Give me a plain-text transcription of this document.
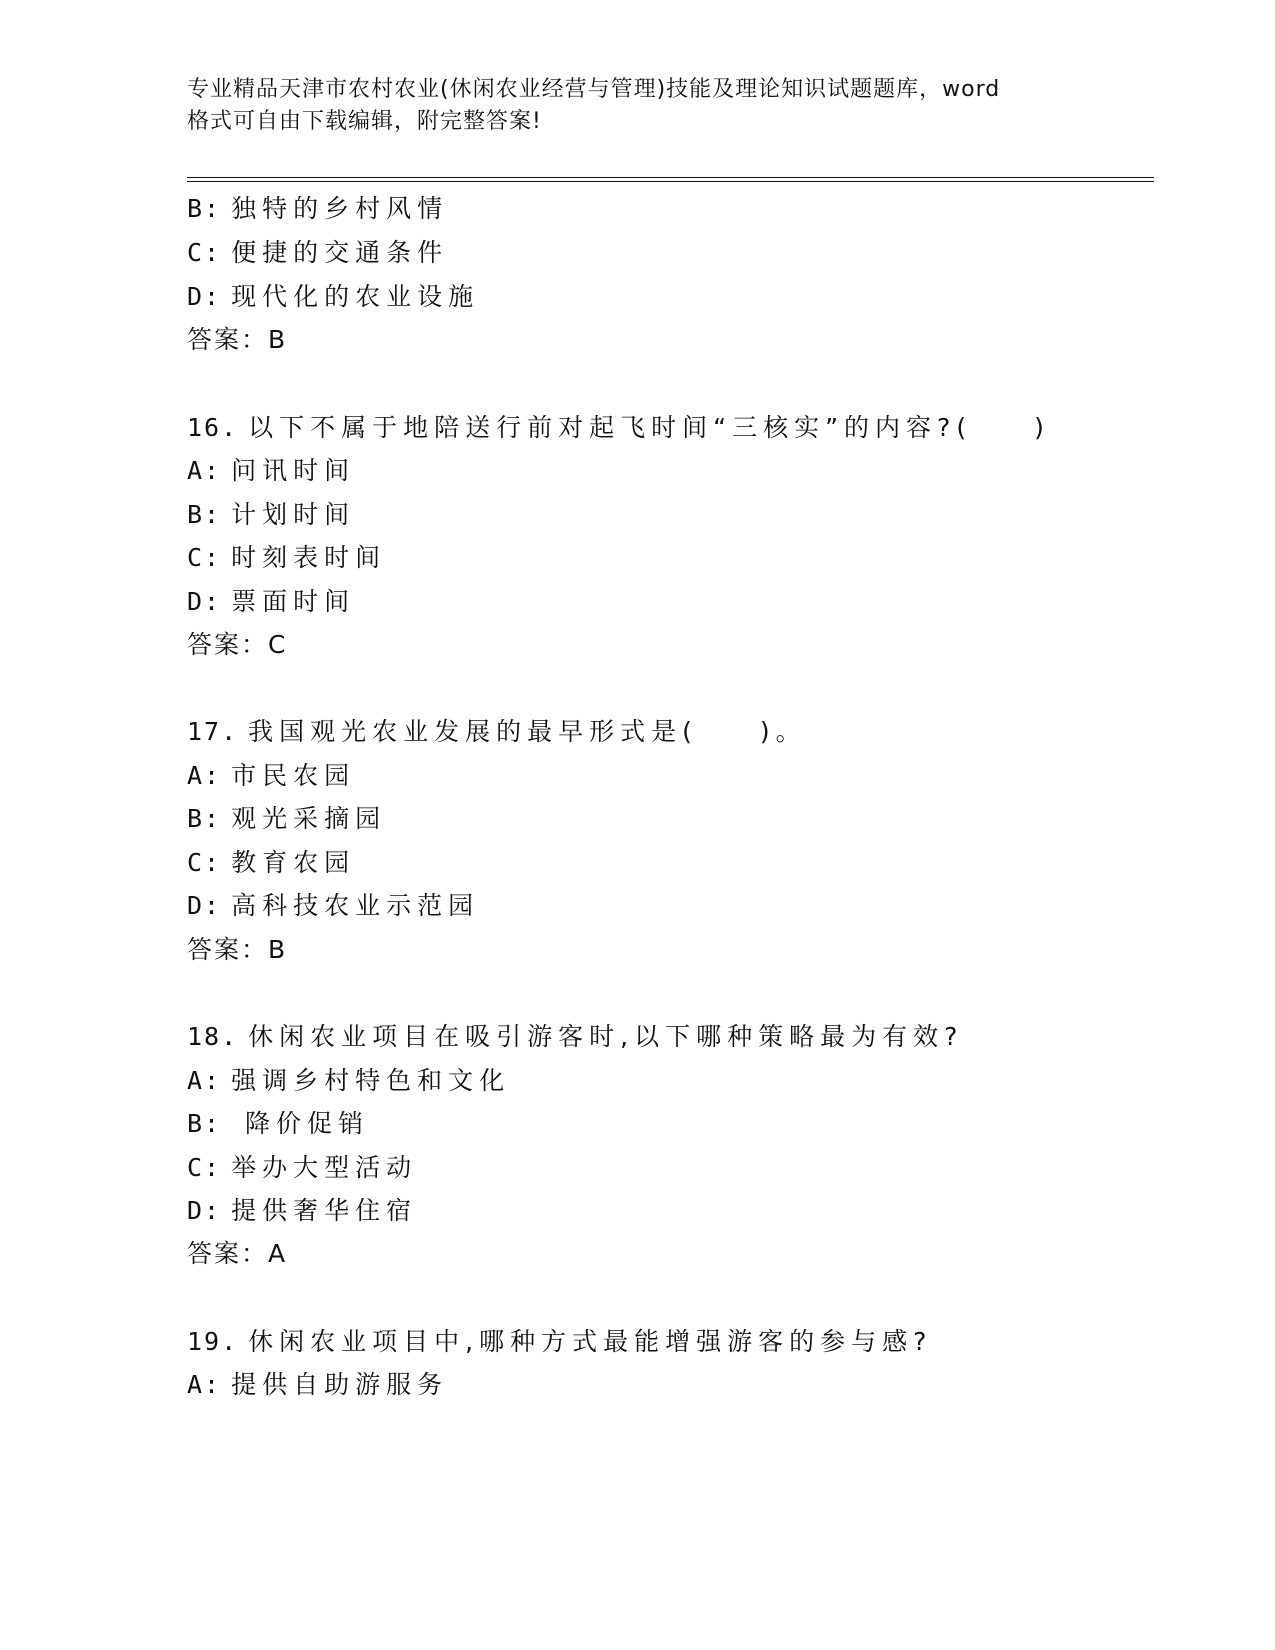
专业精品天津市农村农业(休闲农业经营与管理)技能及理论知识试题题库，word
格式可自由下载编辑，附完整答案!
B: 独特的乡村风情
C: 便捷的交通条件
D: 现代化的农业设施
答案：B
16. 以下不属于地陪送行前对起飞时间“三核实”的内容?(　　)
A: 问讯时间
B: 计划时间
C: 时刻表时间
D: 票面时间
答案：C
17. 我国观光农业发展的最早形式是(　　)。
A: 市民农园
B: 观光采摘园
C: 教育农园
D: 高科技农业示范园
答案：B
18. 休闲农业项目在吸引游客时,以下哪种策略最为有效?
A: 强调乡村特色和文化
B: 降价促销
C: 举办大型活动
D: 提供奢华住宿
答案：A
19. 休闲农业项目中,哪种方式最能增强游客的参与感?
A: 提供自助游服务
